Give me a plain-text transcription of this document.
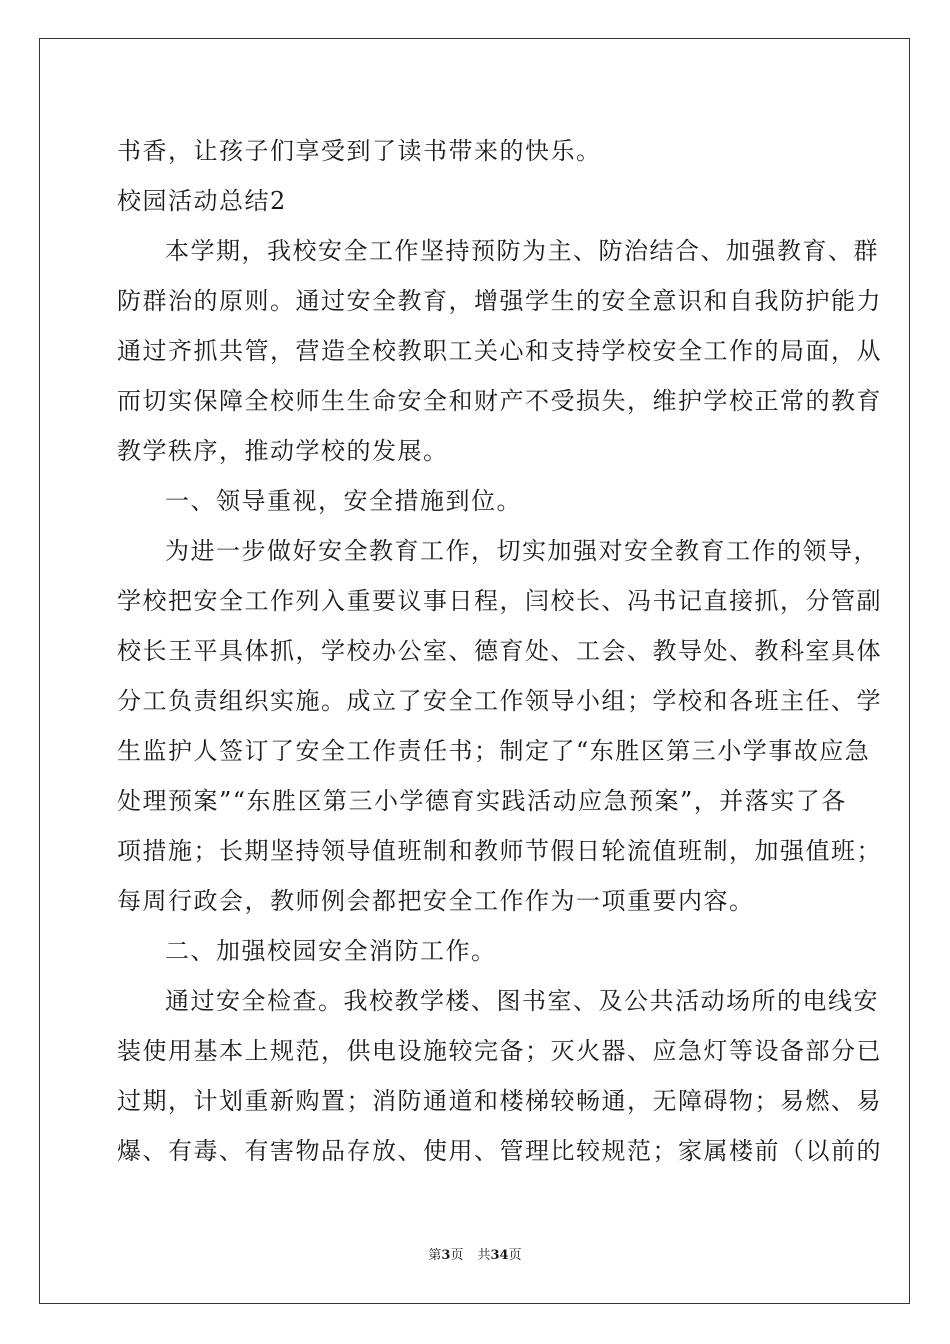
书香，让孩子们享受到了读书带来的快乐。
校园活动总结2
本学期，我校安全工作坚持预防为主、防治结合、加强教育、群
防群治的原则。通过安全教育，增强学生的安全意识和自我防护能力
通过齐抓共管，营造全校教职工关心和支持学校安全工作的局面，从
而切实保障全校师生生命安全和财产不受损失，维护学校正常的教育
教学秩序，推动学校的发展。
一、领导重视，安全措施到位。
为进一步做好安全教育工作，切实加强对安全教育工作的领导，
学校把安全工作列入重要议事日程，闫校长、冯书记直接抓，分管副
校长王平具体抓，学校办公室、德育处、工会、教导处、教科室具体
分工负责组织实施。成立了安全工作领导小组；学校和各班主任、学
生监护人签订了安全工作责任书；制定了“东胜区第三小学事故应急
处理预案”“东胜区第三小学德育实践活动应急预案”，并落实了各
项措施；长期坚持领导值班制和教师节假日轮流值班制，加强值班；
每周行政会，教师例会都把安全工作作为一项重要内容。
二、加强校园安全消防工作。
通过安全检查。我校教学楼、图书室、及公共活动场所的电线安
装使用基本上规范，供电设施较完备；灭火器、应急灯等设备部分已
过期，计划重新购置；消防通道和楼梯较畅通，无障碍物；易燃、易
爆、有毒、有害物品存放、使用、管理比较规范；家属楼前（以前的
第3页 共34页
